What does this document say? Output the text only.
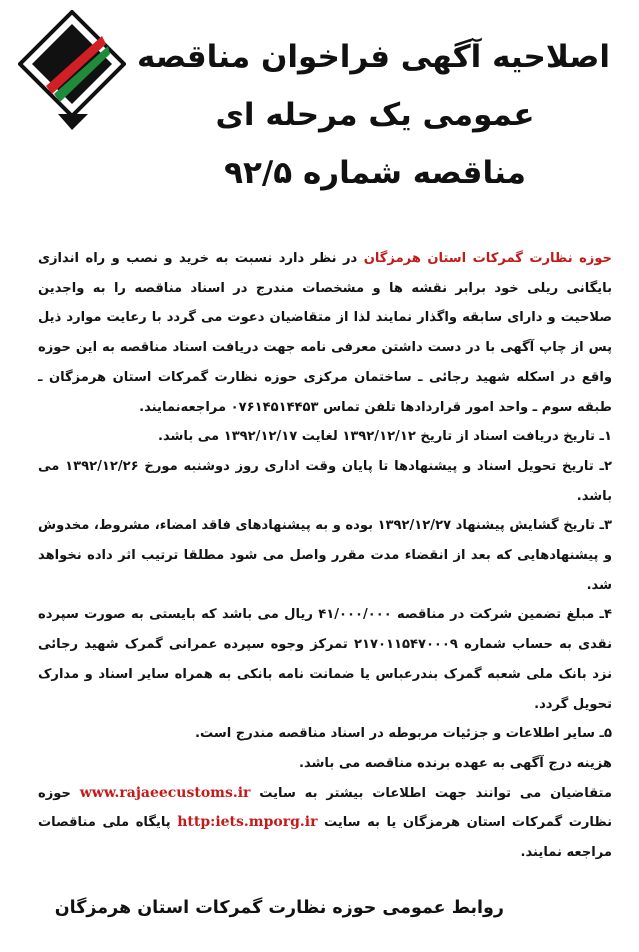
اصلاحیه آگهی فراخوان مناقصه
عمومی یک مرحله ای
مناقصه شماره ۹۲/۵

حوزه نظارت گمرکات استان هرمزگان در نظر دارد نسبت به خرید و نصب و راه اندازی بایگانی ریلی خود برابر نقشه ها و مشخصات مندرج در اسناد مناقصه را به واجدین صلاحیت و دارای سابقه واگذار نمایند لذا از متقاضیان دعوت می گردد با رعایت موارد ذیل پس از چاپ آگهی با در دست داشتن معرفی نامه جهت دریافت اسناد مناقصه به این حوزه واقع در اسکله شهید رجائی ـ ساختمان مرکزی حوزه نظارت گمرکات استان هرمزگان ـ طبقه سوم ـ واحد امور قراردادها تلفن تماس ۰۷۶۱۴۵۱۴۴۵۳ مراجعه‌نمایند.

۱ـ تاریخ دریافت اسناد از تاریخ ۱۳۹۲/۱۲/۱۲ لغایت ۱۳۹۲/۱۲/۱۷ می باشد.

۲ـ تاریخ تحویل اسناد و پیشنهادها تا پایان وقت اداری روز دوشنبه مورخ ۱۳۹۲/۱۲/۲۶ می باشد.

۳ـ تاریخ گشایش پیشنهاد ۱۳۹۲/۱۲/۲۷ بوده و به پیشنهادهای فاقد امضاء، مشروط، مخدوش و پیشنهادهایی که بعد از انقضاء مدت مقرر واصل می شود مطلقا ترتیب اثر داده نخواهد شد.

۴ـ مبلغ تضمین شرکت در مناقصه ۴۱/۰۰۰/۰۰۰ ریال می باشد که بایستی به صورت سپرده نقدی به حساب شماره ۲۱۷۰۱۱۵۴۷۰۰۰۹ تمرکز وجوه سپرده عمرانی گمرک شهید رجائی نزد بانک ملی شعبه گمرک بندرعباس یا ضمانت نامه بانکی به همراه سایر اسناد و مدارک تحویل گردد.

۵ـ سایر اطلاعات و جزئیات مربوطه در اسناد مناقصه مندرج است.

هزینه درج آگهی به عهده برنده مناقصه می باشد.

متقاضیان می توانند جهت اطلاعات بیشتر به سایت www.rajaeecustoms.ir حوزه نظارت گمرکات استان هرمزگان یا به سایت http:iets.mporg.ir پایگاه ملی مناقصات مراجعه نمایند.

روابط عمومی حوزه نظارت گمرکات استان هرمزگان
